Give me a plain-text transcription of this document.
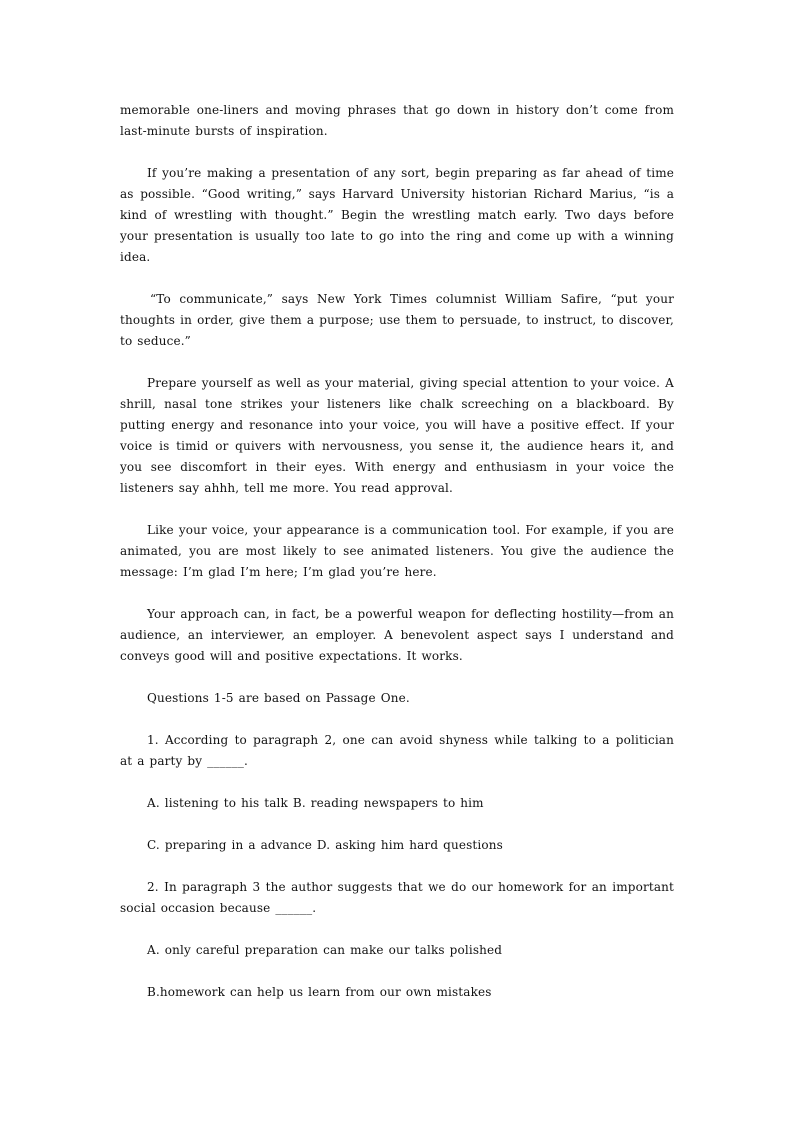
memorable one-liners and moving phrases that go down in history don’t come from last-minute bursts of inspiration.

If you’re making a presentation of any sort, begin preparing as far ahead of time as possible. “Good writing,” says Harvard University historian Richard Marius, “is a kind of wrestling with thought.” Begin the wrestling match early. Two days before your presentation is usually too late to go into the ring and come up with a winning idea.

“To communicate,” says New York Times columnist William Safire, “put your thoughts in order, give them a purpose; use them to persuade, to instruct, to discover, to seduce.”

Prepare yourself as well as your material, giving special attention to your voice. A shrill, nasal tone strikes your listeners like chalk screeching on a blackboard. By putting energy and resonance into your voice, you will have a positive effect. If your voice is timid or quivers with nervousness, you sense it, the audience hears it, and you see discomfort in their eyes. With energy and enthusiasm in your voice the listeners say ahhh, tell me more. You read approval.

Like your voice, your appearance is a communication tool. For example, if you are animated, you are most likely to see animated listeners. You give the audience the message: I’m glad I’m here; I’m glad you’re here.

Your approach can, in fact, be a powerful weapon for deflecting hostility—from an audience, an interviewer, an employer. A benevolent aspect says I understand and conveys good will and positive expectations. It works.

Questions 1-5 are based on Passage One.

1. According to paragraph 2, one can avoid shyness while talking to a politician at a party by ______.

A. listening to his talk B. reading newspapers to him

C. preparing in a advance D. asking him hard questions

2. In paragraph 3 the author suggests that we do our homework for an important social occasion because ______.

A. only careful preparation can make our talks polished

B.homework can help us learn from our own mistakes
